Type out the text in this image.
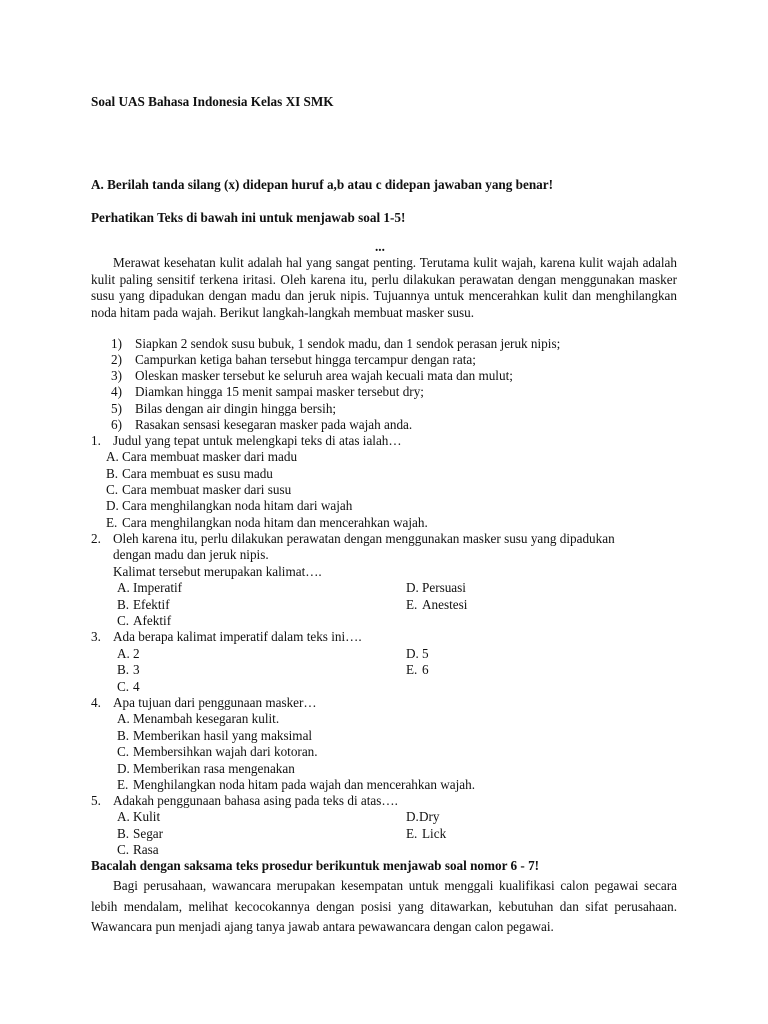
Soal UAS Bahasa Indonesia Kelas XI SMK
A. Berilah tanda silang (x) didepan huruf a,b atau c didepan jawaban yang benar!
Perhatikan Teks di bawah ini untuk menjawab soal 1-5!
...
Merawat kesehatan kulit adalah hal yang sangat penting. Terutama kulit wajah, karena kulit wajah adalah kulit paling sensitif terkena iritasi. Oleh karena itu, perlu dilakukan perawatan dengan menggunakan masker susu yang dipadukan dengan madu dan jeruk nipis. Tujuannya untuk mencerahkan kulit dan menghilangkan noda hitam pada wajah. Berikut langkah-langkah membuat masker susu.
1) Siapkan 2 sendok susu bubuk, 1 sendok madu, dan 1 sendok perasan jeruk nipis;
2) Campurkan ketiga bahan tersebut hingga tercampur dengan rata;
3) Oleskan masker tersebut ke seluruh area wajah kecuali mata dan mulut;
4) Diamkan hingga 15 menit sampai masker tersebut dry;
5) Bilas dengan air dingin hingga bersih;
6) Rasakan sensasi kesegaran masker pada wajah anda.
1. Judul yang tepat untuk melengkapi teks di atas ialah…
A. Cara membuat masker dari madu
B. Cara membuat es susu madu
C. Cara membuat masker dari susu
D. Cara menghilangkan noda hitam dari wajah
E. Cara menghilangkan noda hitam dan mencerahkan wajah.
2. Oleh karena itu, perlu dilakukan perawatan dengan menggunakan masker susu yang dipadukan
dengan madu dan jeruk nipis.
Kalimat tersebut merupakan kalimat….
A. Imperatif
B. Efektif
C. Afektif
D. Persuasi
E. Anestesi
3. Ada berapa kalimat imperatif dalam teks ini….
A. 2
B. 3
C. 4
D. 5
E. 6
4. Apa tujuan dari penggunaan masker…
A. Menambah kesegaran kulit.
B. Memberikan hasil yang maksimal
C. Membersihkan wajah dari kotoran.
D. Memberikan rasa mengenakan
E. Menghilangkan noda hitam pada wajah dan mencerahkan wajah.
5. Adakah penggunaan bahasa asing pada teks di atas….
A. Kulit
B. Segar
C. Rasa
D.Dry
E. Lick
Bacalah dengan saksama teks prosedur berikuntuk menjawab soal nomor 6 - 7!
Bagi perusahaan, wawancara merupakan kesempatan untuk menggali kualifikasi calon pegawai secara lebih mendalam, melihat kecocokannya dengan posisi yang ditawarkan, kebutuhan dan sifat perusahaan. Wawancara pun menjadi ajang tanya jawab antara pewawancara dengan calon pegawai.
